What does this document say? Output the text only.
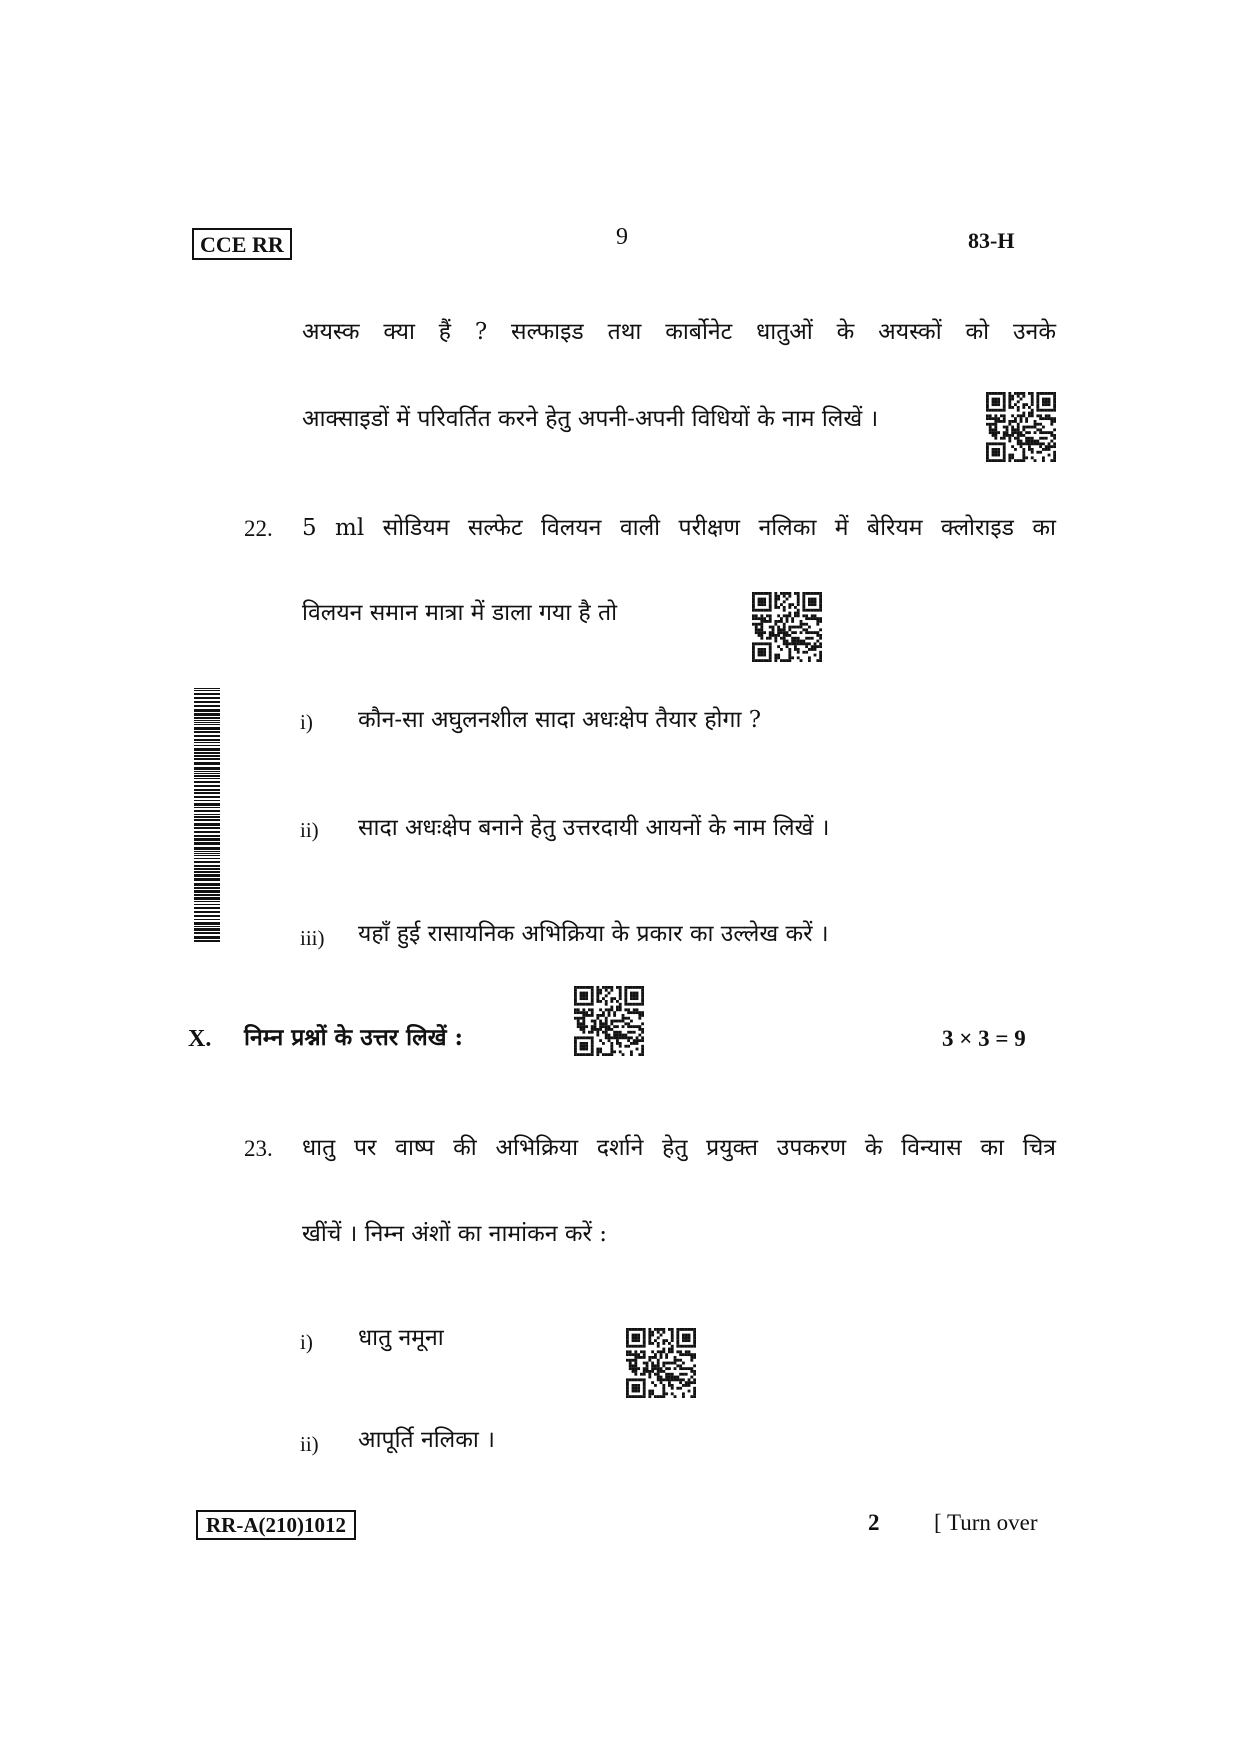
CCE RR	9	83-H
अयस्क क्या हैं ? सल्फाइड तथा कार्बोनेट धातुओं के अयस्कों को उनके
आक्साइडों में परिवर्तित करने हेतु अपनी-अपनी विधियों के नाम लिखें ।
22. 5 ml सोडियम सल्फेट विलयन वाली परीक्षण नलिका में बेरियम क्लोराइड का
विलयन समान मात्रा में डाला गया है तो
i) कौन-सा अघुलनशील सादा अधःक्षेप तैयार होगा ?
ii) सादा अधःक्षेप बनाने हेतु उत्तरदायी आयनों के नाम लिखें ।
iii) यहाँ हुई रासायनिक अभिक्रिया के प्रकार का उल्लेख करें ।
X. निम्न प्रश्नों के उत्तर लिखें :	3 × 3 = 9
23. धातु पर वाष्प की अभिक्रिया दर्शाने हेतु प्रयुक्त उपकरण के विन्यास का चित्र
खींचें । निम्न अंशों का नामांकन करें :
i) धातु नमूना
ii) आपूर्ति नलिका ।
RR-A(210)1012	2 [ Turn over
